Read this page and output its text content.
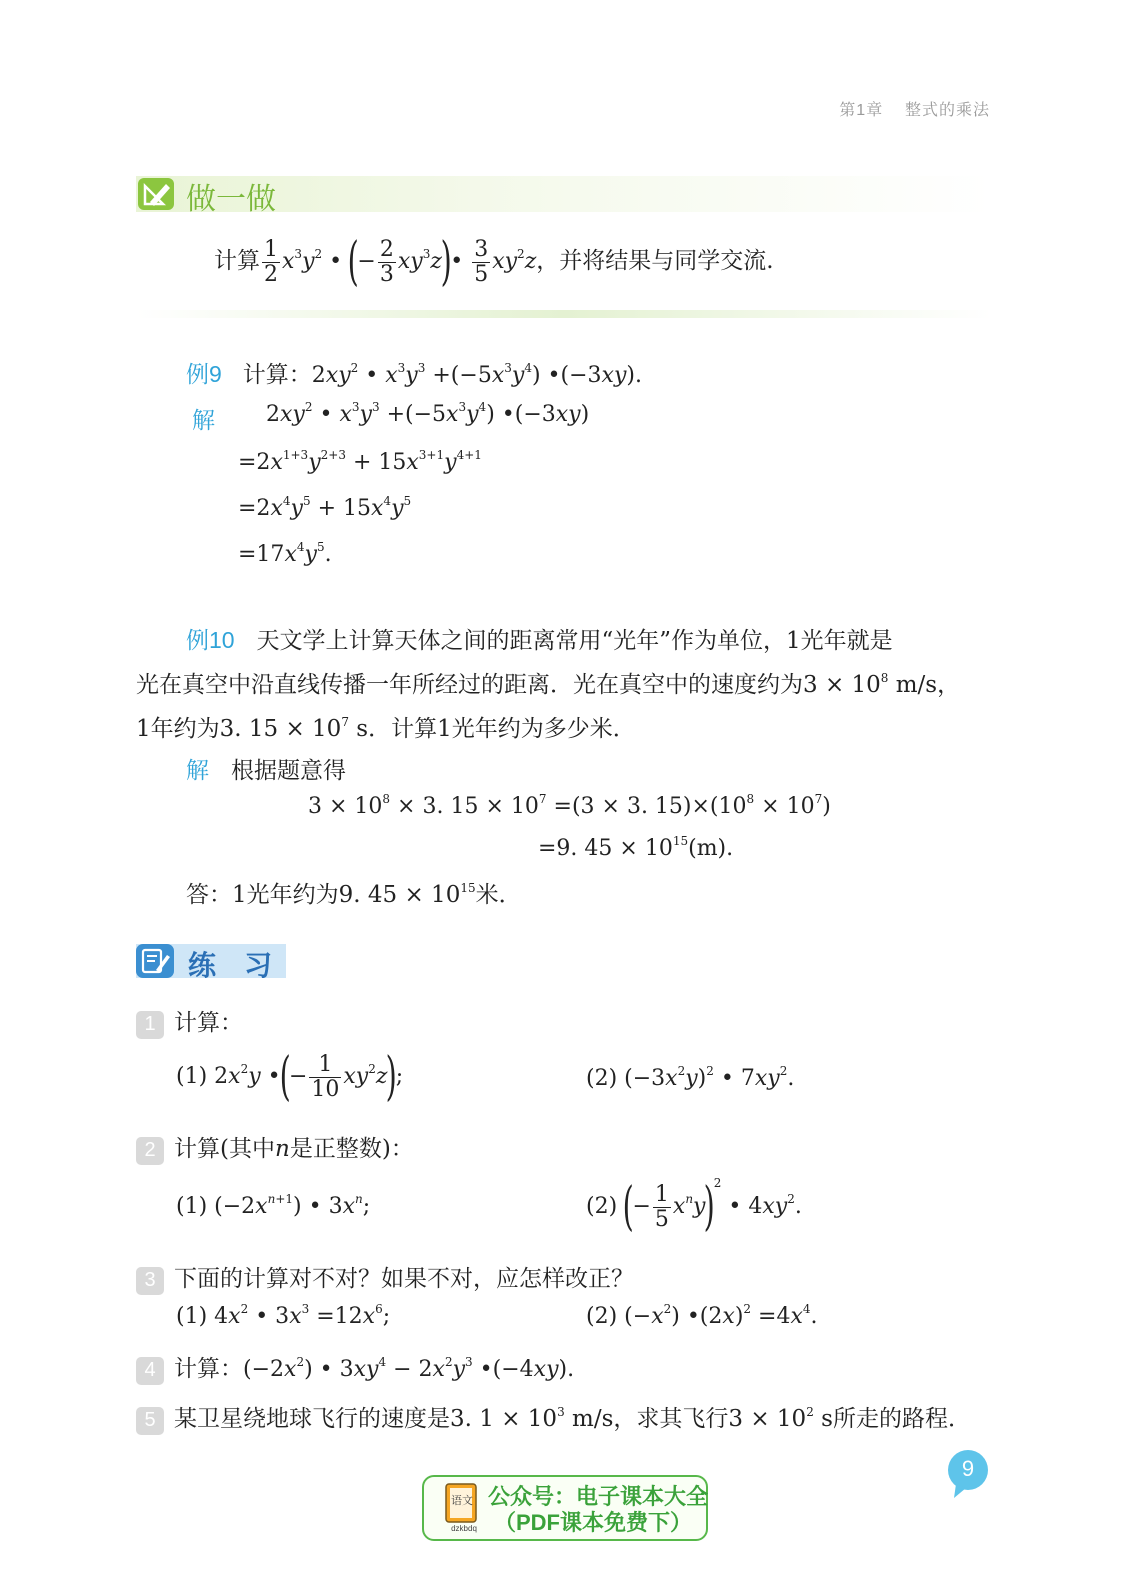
第1章 整式的乘法
做一做
计算 $\frac{1}{2} x^3y^2$ • (− $\frac{2}{3}$ $xy^3z)• \frac{3}{5} xy^2z$，并将结果与同学交流.
例9 计算：$2xy^2$ • $x^3y^3 +(-5x^3y^4)$ •(−3xy).
解 $2xy^2$ • $x^3y^3 +(-5x^3y^4)$ •(−3xy)
$=2x^{1+3}y^{2+3} + 15x^{3+1}y^{4+1}$
$=2x^4y^5 + 15x^4y^5$
$=17x^4y^5$.
例10 天文学上计算天体之间的距离常用“光年”作为单位，1光年就是
光在真空中沿直线传播一年所经过的距离．光在真空中的速度约为$3 \times 10^8$ m/s，
1年约为3. $15 \times 10^7$ s．计算1光年约为多少米．
解 根据题意得
$3 \times 10^8 \times 3$. $15 \times 10^7 =(3 \times 3$. $15)\times(10^8 \times 10^7)$
=9. $45 \times 10^{15}(m)$.
答：1光年约为9. $45 \times 10^{15}$米．
练　习
1 计算：
(1) $2x^2y$ •(− $\frac{1}{10} xy^2z$);	(2) $(-3x^2y)^2$ • $7xy^2$.
2 计算(其中n是正整数)：
(1) $(-2x^{n+1})$ • $3x^n$;	(2) (− $\frac{1}{5} x^ny)^2$ • $4xy^2$.
3 下面的计算对不对？如果不对，应怎样改正？
(1) $4x^2$ • $3x^3 =12x^6$;	(2) $(-x^2)$ $•(2x)^2 =4x^4$.
4 计算：$(-2x^2)$ • $3xy^4 - 2x^2y^3$ •(−4xy).
5 某卫星绕地球飞行的速度是3. $1 \times 10^3$ m/s，求其飞行$3 \times 10^2$ s所走的路程．
9
语文
dzkbdq
公众号：电子课本大全
（PDF课本免费下）
